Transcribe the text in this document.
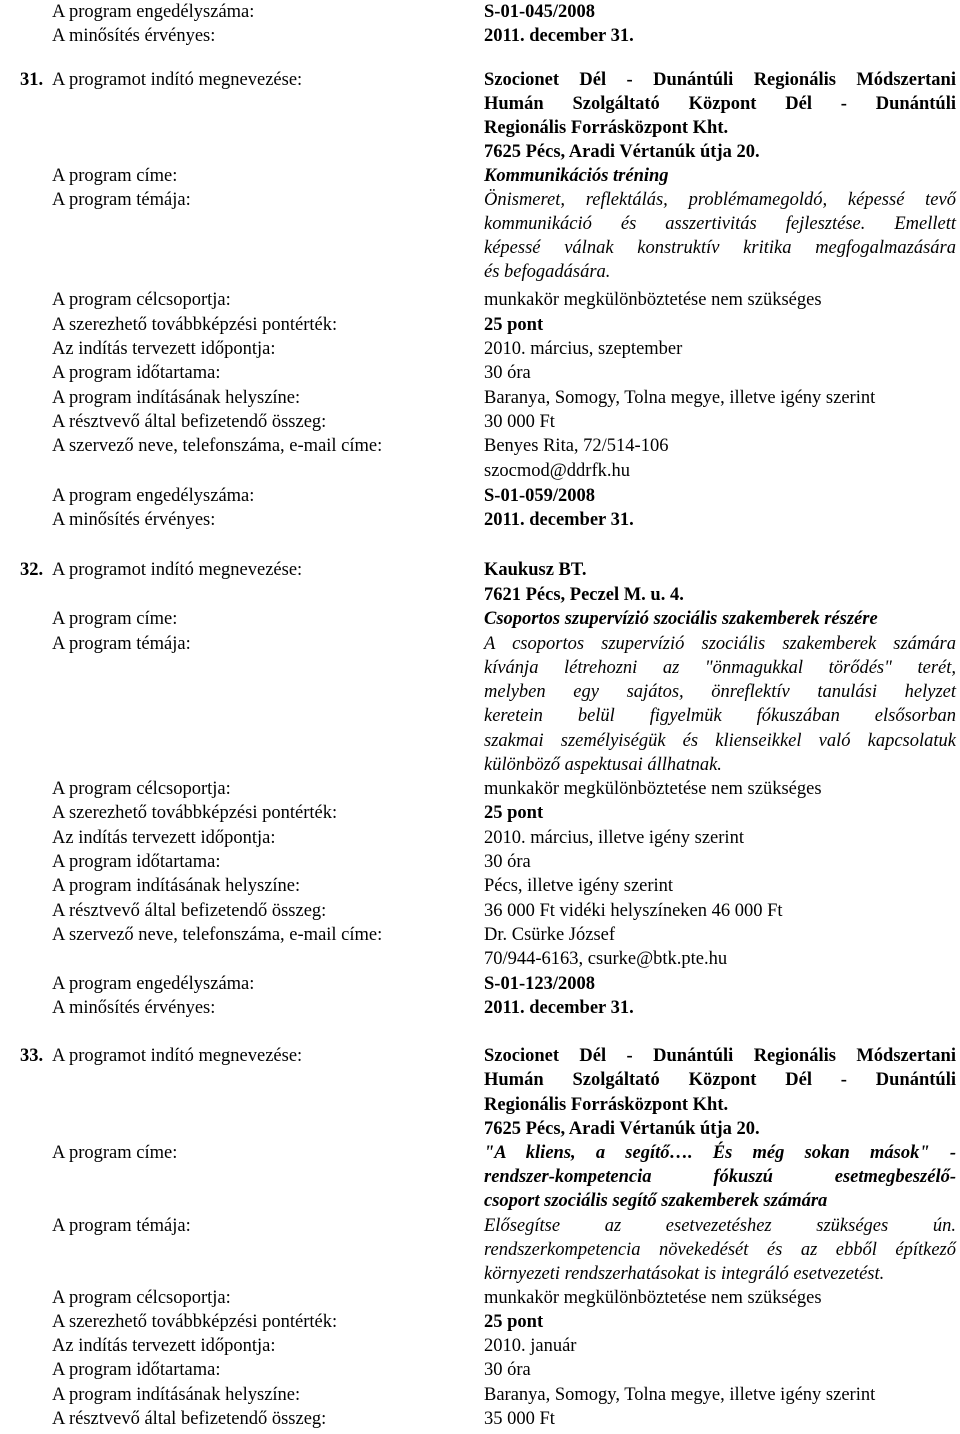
A program engedélyszáma:	S-01-045/2008
A minősítés érvényes:	2011. december 31.
31. A programot indító megnevezése:	Szocionet Dél - Dunántúli Regionális Módszertani
Humán Szolgáltató Központ Dél - Dunántúli
Regionális Forrásközpont Kht.
7625 Pécs, Aradi Vértanúk útja 20.
A program címe:	Kommunikációs tréning
A program témája:	Önismeret, reflektálás, problémamegoldó, képessé tevő
kommunikáció és asszertivitás fejlesztése. Emellett
képessé válnak konstruktív kritika megfogalmazására
és befogadására.
A program célcsoportja:	munkakör megkülönböztetése nem szükséges
A szerezhető továbbképzési pontérték:	25 pont
Az indítás tervezett időpontja:	2010. március, szeptember
A program időtartama:	30 óra
A program indításának helyszíne:	Baranya, Somogy, Tolna megye, illetve igény szerint
A résztvevő által befizetendő összeg:	30 000 Ft
A szervező neve, telefonszáma, e-mail címe:	Benyes Rita, 72/514-106
szocmod@ddrfk.hu
A program engedélyszáma:	S-01-059/2008
A minősítés érvényes:	2011. december 31.
32. A programot indító megnevezése:	Kaukusz BT.
7621 Pécs, Peczel M. u. 4.
A program címe:	Csoportos szupervízió szociális szakemberek részére
A program témája:	A csoportos szupervízió szociális szakemberek számára
kívánja létrehozni az "önmagukkal törődés" terét,
melyben egy sajátos, önreflektív tanulási helyzet
keretein belül figyelmük fókuszában elsősorban
szakmai személyiségük és klienseikkel való kapcsolatuk
különböző aspektusai állhatnak.
A program célcsoportja:	munkakör megkülönböztetése nem szükséges
A szerezhető továbbképzési pontérték:	25 pont
Az indítás tervezett időpontja:	2010. március, illetve igény szerint
A program időtartama:	30 óra
A program indításának helyszíne:	Pécs, illetve igény szerint
A résztvevő által befizetendő összeg:	36 000 Ft vidéki helyszíneken 46 000 Ft
A szervező neve, telefonszáma, e-mail címe:	Dr. Csürke József
70/944-6163, csurke@btk.pte.hu
A program engedélyszáma:	S-01-123/2008
A minősítés érvényes:	2011. december 31.
33. A programot indító megnevezése:	Szocionet Dél - Dunántúli Regionális Módszertani
Humán Szolgáltató Központ Dél - Dunántúli
Regionális Forrásközpont Kht.
7625 Pécs, Aradi Vértanúk útja 20.
A program címe:	"A kliens, a segítő…. És még sokan mások" -
rendszer-kompetencia fókuszú esetmegbeszélő-
csoport szociális segítő szakemberek számára
A program témája:	Elősegítse az esetvezetéshez szükséges ún.
rendszerkompetencia növekedését és az ebből építkező
környezeti rendszerhatásokat is integráló esetvezetést.
A program célcsoportja:	munkakör megkülönböztetése nem szükséges
A szerezhető továbbképzési pontérték:	25 pont
Az indítás tervezett időpontja:	2010. január
A program időtartama:	30 óra
A program indításának helyszíne:	Baranya, Somogy, Tolna megye, illetve igény szerint
A résztvevő által befizetendő összeg:	35 000 Ft
